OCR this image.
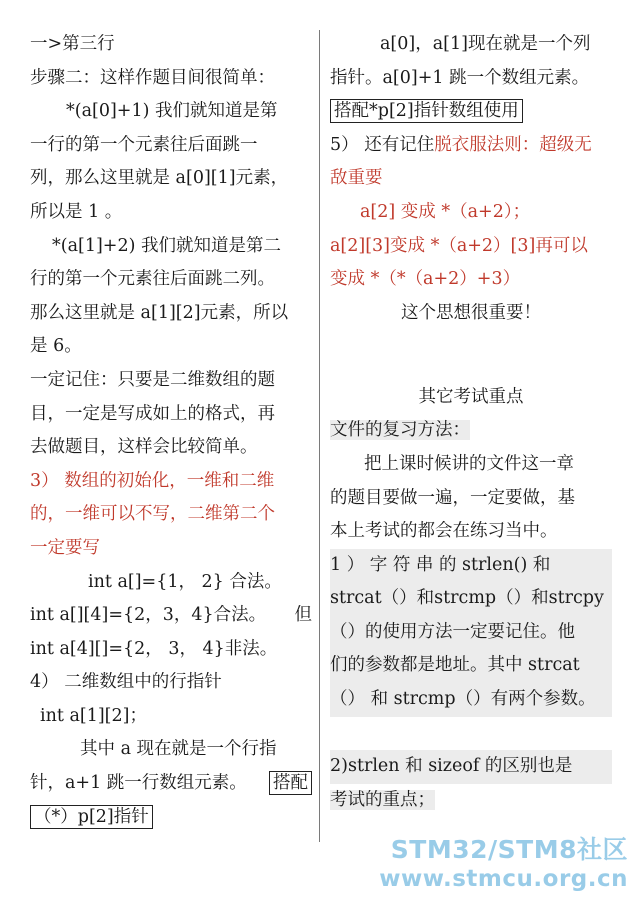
一>第三行
步骤二：这样作题目间很简单：
*(a[0]+1) 我们就知道是第
一行的第一个元素往后面跳一
列，那么这里就是 a[0][1]元素，
所以是 1 。
*(a[1]+2) 我们就知道是第二
行的第一个元素往后面跳二列。
那么这里就是 a[1][2]元素，所以
是 6。
一定记住：只要是二维数组的题
目，一定是写成如上的格式，再
去做题目，这样会比较简单。
3） 数组的初始化，一维和二维
的，一维可以不写，二维第二个
一定要写
int a[]={1， 2} 合法。
int a[][4]={2，3，4}合法。 但
int a[4][]={2， 3， 4}非法。
4） 二维数组中的行指针
int a[1][2]；
其中 a 现在就是一个行指
针，a+1 跳一行数组元素。 搭配
（*）p[2]指针
a[0]，a[1]现在就是一个列
指针。a[0]+1 跳一个数组元素。
搭配*p[2]指针数组使用
5） 还有记住脱衣服法则：超级无
敌重要
a[2] 变成 *（a+2）；
a[2][3]变成 *（a+2）[3]再可以
变成 *（*（a+2）+3）
这个思想很重要！
其它考试重点
文件的复习方法：
把上课时候讲的文件这一章
的题目要做一遍，一定要做，基
本上考试的都会在练习当中。
1 ） 字 符 串 的 strlen() 和
strcat（）和strcmp（）和strcpy
（）的使用方法一定要记住。他
们的参数都是地址。其中 strcat
（） 和 strcmp（）有两个参数。
2)strlen 和 sizeof 的区别也是
考试的重点；
STM32/STM8社区
www.stmcu.org.cn
